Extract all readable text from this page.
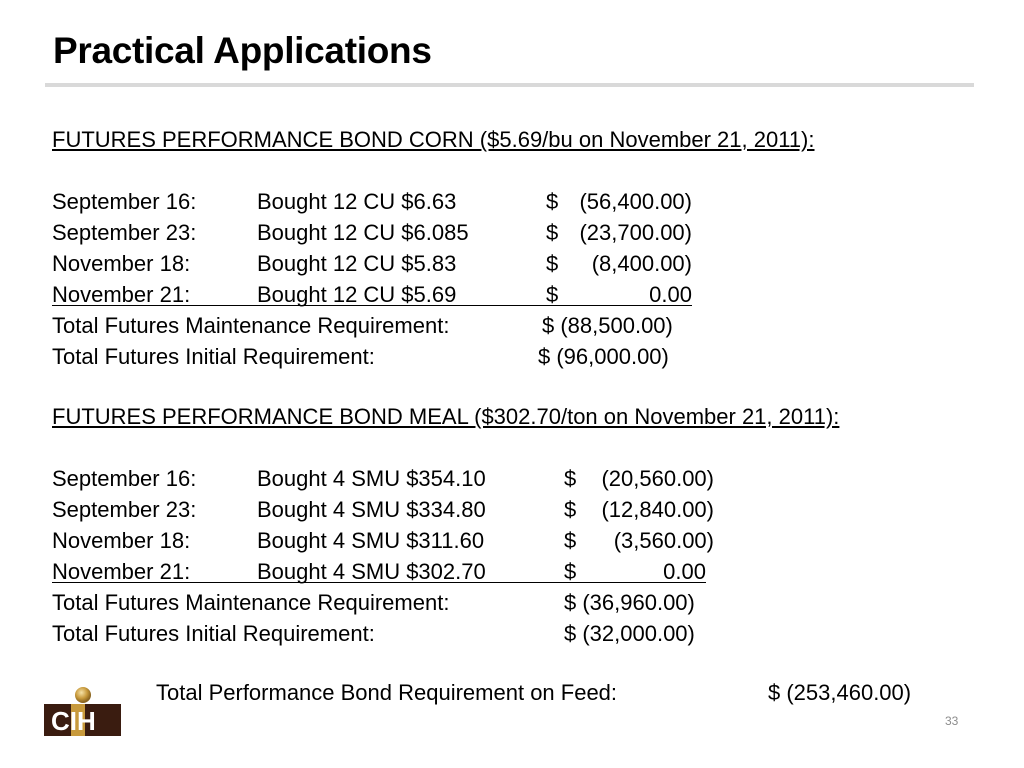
Practical Applications
FUTURES PERFORMANCE BOND CORN ($5.69/bu on November 21, 2011):
September 16:	Bought 12 CU $6.63	$ (56,400.00)
September 23:	Bought 12 CU $6.085	$ (23,700.00)
November 18:	Bought 12 CU $5.83	$ (8,400.00)
November 21:	Bought 12 CU $5.69	$	0.00
Total Futures Maintenance Requirement:	$ (88,500.00)
Total Futures Initial Requirement:	$ (96,000.00)
FUTURES PERFORMANCE BOND MEAL ($302.70/ton on November 21, 2011):
September 16:	Bought 4 SMU $354.10	$ (20,560.00)
September 23:	Bought 4 SMU $334.80	$ (12,840.00)
November 18:	Bought 4 SMU $311.60	$ (3,560.00)
November 21:	Bought 4 SMU $302.70	$	0.00
Total Futures Maintenance Requirement:	$ (36,960.00)
Total Futures Initial Requirement:	$ (32,000.00)
Total Performance Bond Requirement on Feed:	$ (253,460.00)
CIH	33
